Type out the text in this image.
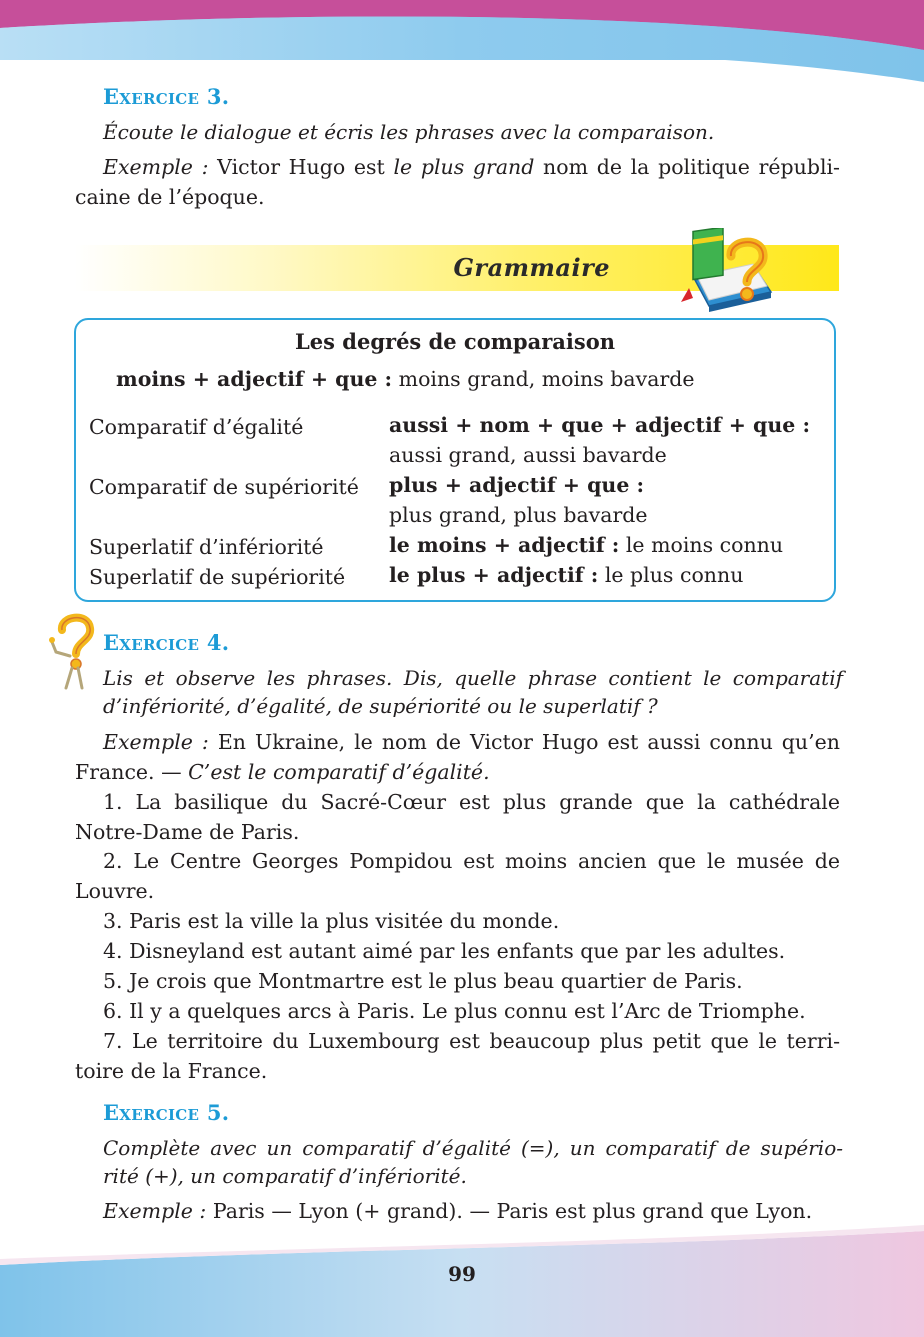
Exercice 3.
Écoute le dialogue et écris les phrases avec la comparaison.
Exemple : Victor Hugo est le plus grand nom de la politique républi-caine de l’époque.
Grammaire
Les degrés de comparaison
moins + adjectif + que : moins grand, moins bavarde
Comparatif d’égalité	aussi + nom + que + adjectif + que :
aussi grand, aussi bavarde
Comparatif de supériorité plus + adjectif + que :
plus grand, plus bavarde
Superlatif d’infériorité	le moins + adjectif : le moins connu
Superlatif de supériorité le plus + adjectif : le plus connu
Exercice 4.
Lis et observe les phrases. Dis, quelle phrase contient le comparatif
d’infériorité, d’égalité, de supériorité ou le superlatif ?
Exemple : En Ukraine, le nom de Victor Hugo est aussi connu qu’en France. — C’est le comparatif d’égalité.
1. La basilique du Sacré-Cœur est plus grande que la cathédrale Notre-Dame de Paris.
2. Le Centre Georges Pompidou est moins ancien que le musée de Louvre.
3. Paris est la ville la plus visitée du monde.
4. Disneyland est autant aimé par les enfants que par les adultes.
5. Je crois que Montmartre est le plus beau quartier de Paris.
6. Il y a quelques arcs à Paris. Le plus connu est l’Arc de Triomphe.
7. Le territoire du Luxembourg est beaucoup plus petit que le terri-toire de la France.
Exercice 5.
Complète avec un comparatif d’égalité (=), un comparatif de supério-
rité (+), un comparatif d’infériorité.
Exemple : Paris — Lyon (+ grand). — Paris est plus grand que Lyon.
99
